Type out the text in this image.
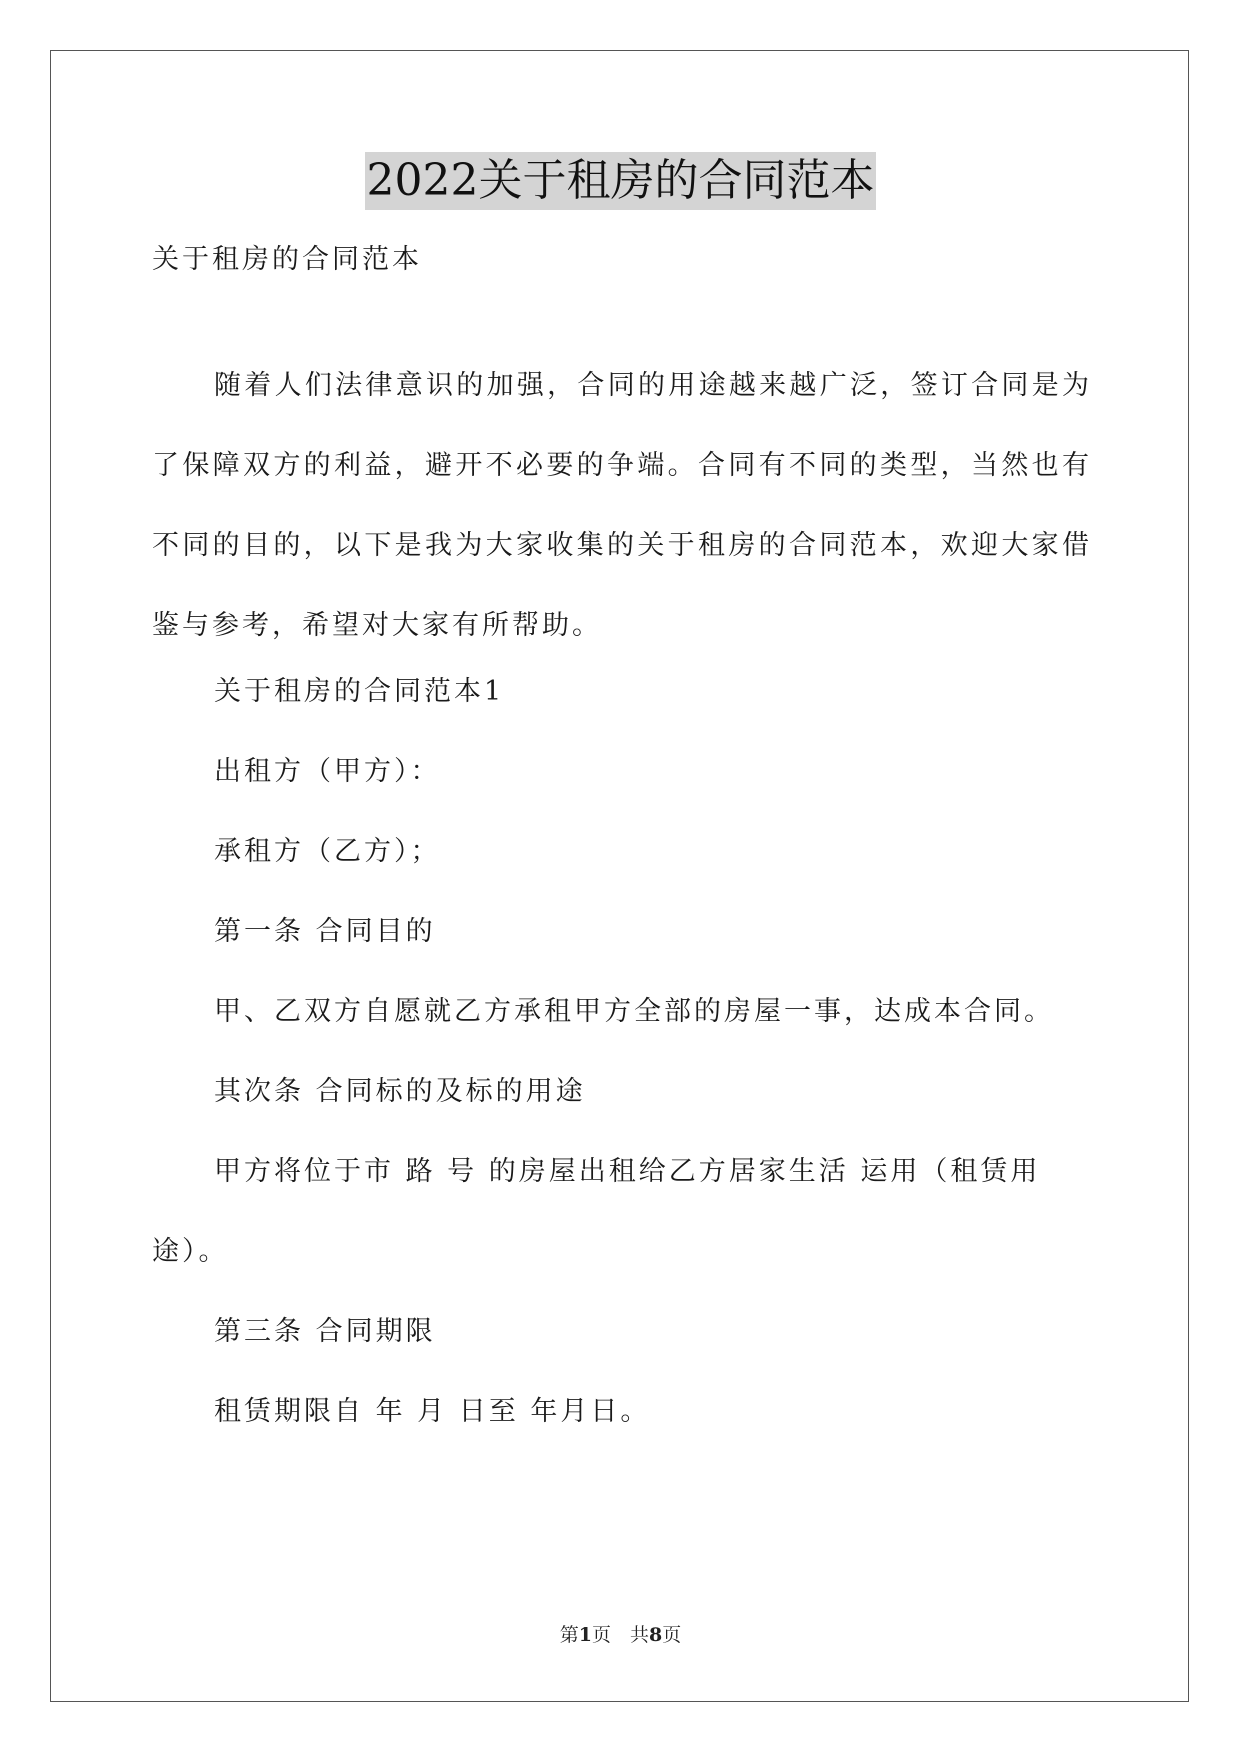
2022关于租房的合同范本
关于租房的合同范本
随着人们法律意识的加强，合同的用途越来越广泛，签订合同是为了保障双方的利益，避开不必要的争端。合同有不同的类型，当然也有不同的目的，以下是我为大家收集的关于租房的合同范本，欢迎大家借鉴与参考，希望对大家有所帮助。
关于租房的合同范本1
出租方（甲方）：
承租方（乙方）；
第一条 合同目的
甲、乙双方自愿就乙方承租甲方全部的房屋一事，达成本合同。
其次条 合同标的及标的用途
甲方将位于市 路 号 的房屋出租给乙方居家生活 运用（租赁用途）。
第三条 合同期限
租赁期限自 年 月 日至 年月日。
第1页　共8页
